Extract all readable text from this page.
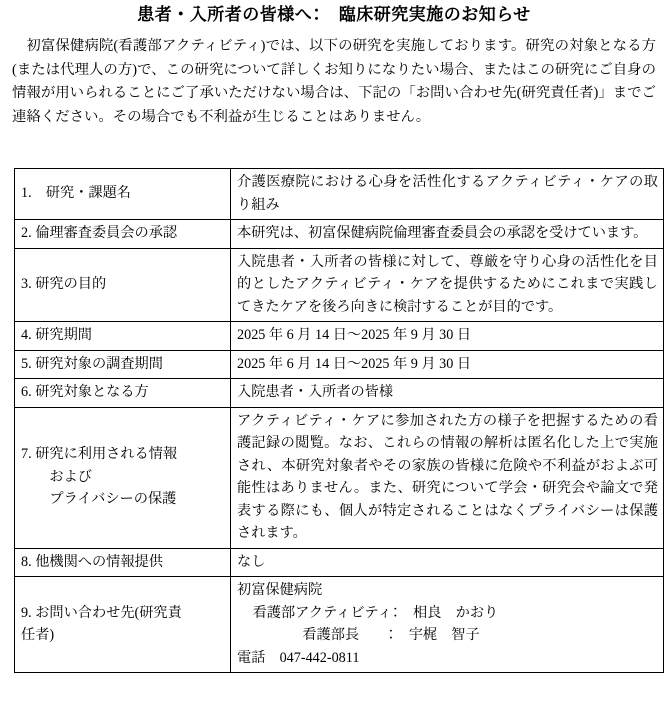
患者・入所者の皆様へ：　臨床研究実施のお知らせ

初富保健病院(看護部アクティビティ)では、以下の研究を実施しております。研究の対象となる方(または代理人の方)で、この研究について詳しくお知りになりたい場合、またはこの研究にご自身の情報が用いられることにご了承いただけない場合は、下記の「お問い合わせ先(研究責任者)」までご連絡ください。その場合でも不利益が生じることはありません。

1.　研究・課題名	介護医療院における心身を活性化するアクティビティ・ケアの取り組み

2. 倫理審査委員会の承認	本研究は、初富保健病院倫理審査委員会の承認を受けています。

3. 研究の目的	入院患者・入所者の皆様に対して、尊厳を守り心身の活性化を目的としたアクティビティ・ケアを提供するためにこれまで実践してきたケアを後ろ向きに検討することが目的です。

4. 研究期間	2025 年 6 月 14 日〜2025 年 9 月 30 日

5. 研究対象の調査期間	2025 年 6 月 14 日〜2025 年 9 月 30 日

6. 研究対象となる方	入院患者・入所者の皆様

7. 研究に利用される情報
　　および
　　プライバシーの保護	アクティビティ・ケアに参加された方の様子を把握するための看護記録の閲覧。なお、これらの情報の解析は匿名化した上で実施され、本研究対象者やその家族の皆様に危険や不利益がおよぶ可能性はありません。また、研究について学会・研究会や論文で発表する際にも、個人が特定されることはなくプライバシーは保護されます。

8. 他機関への情報提供	なし

9. お問い合わせ先(研究責
任者)	初富保健病院
看護部アクティビティ：　相良　かおり
看護部長　　：　宇梶　智子
電話　047-442-0811
